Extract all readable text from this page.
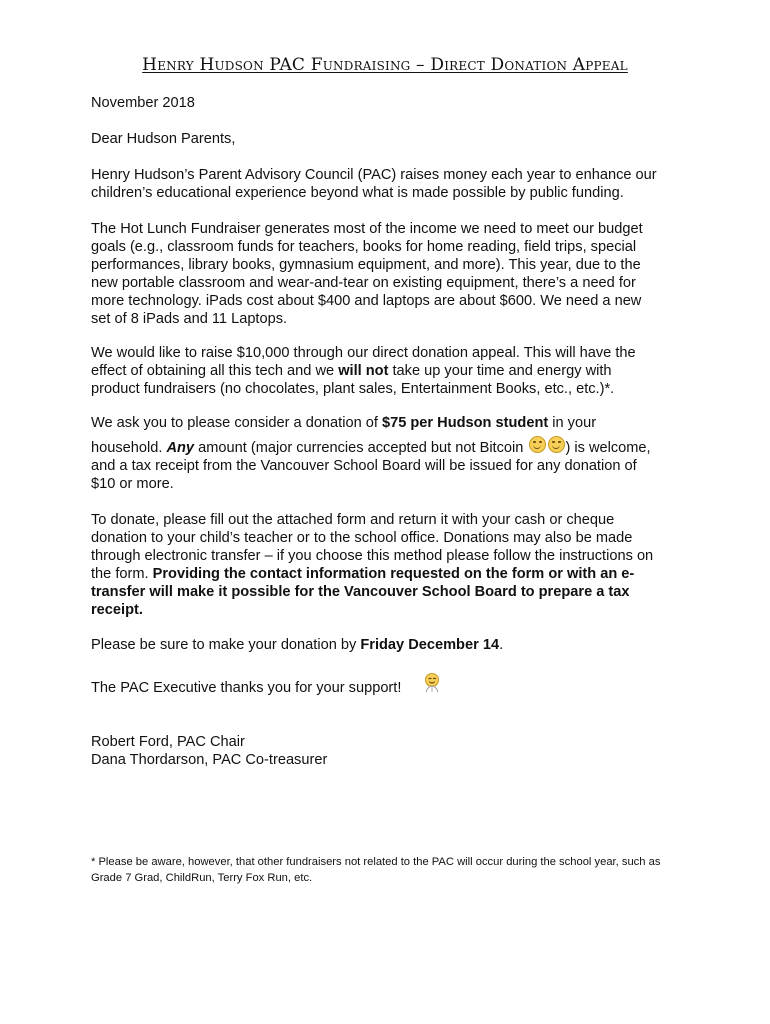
Henry Hudson PAC Fundraising – Direct Donation Appeal

November 2018

Dear Hudson Parents,

Henry Hudson’s Parent Advisory Council (PAC) raises money each year to enhance our
children’s educational experience beyond what is made possible by public funding.

The Hot Lunch Fundraiser generates most of the income we need to meet our budget
goals (e.g., classroom funds for teachers, books for home reading, field trips, special
performances, library books, gymnasium equipment, and more). This year, due to the
new portable classroom and wear-and-tear on existing equipment, there’s a need for
more technology. iPads cost about $400 and laptops are about $600. We need a new
set of 8 iPads and 11 Laptops.

We would like to raise $10,000 through our direct donation appeal. This will have the
effect of obtaining all this tech and we will not take up your time and energy with
product fundraisers (no chocolates, plant sales, Entertainment Books, etc., etc.)*.

We ask you to please consider a donation of $75 per Hudson student in your
household. Any amount (major currencies accepted but not Bitcoin	) is welcome,
and a tax receipt from the Vancouver School Board will be issued for any donation of
$10 or more.

To donate, please fill out the attached form and return it with your cash or cheque
donation to your child’s teacher or to the school office. Donations may also be made
through electronic transfer – if you choose this method please follow the instructions on
the form. Providing the contact information requested on the form or with an e-
transfer will make it possible for the Vancouver School Board to prepare a tax
receipt.

Please be sure to make your donation by Friday December 14.

The PAC Executive thanks you for your support!

Robert Ford, PAC Chair
Dana Thordarson, PAC Co-treasurer

* Please be aware, however, that other fundraisers not related to the PAC will occur during the school year, such as
Grade 7 Grad, ChildRun, Terry Fox Run, etc.
